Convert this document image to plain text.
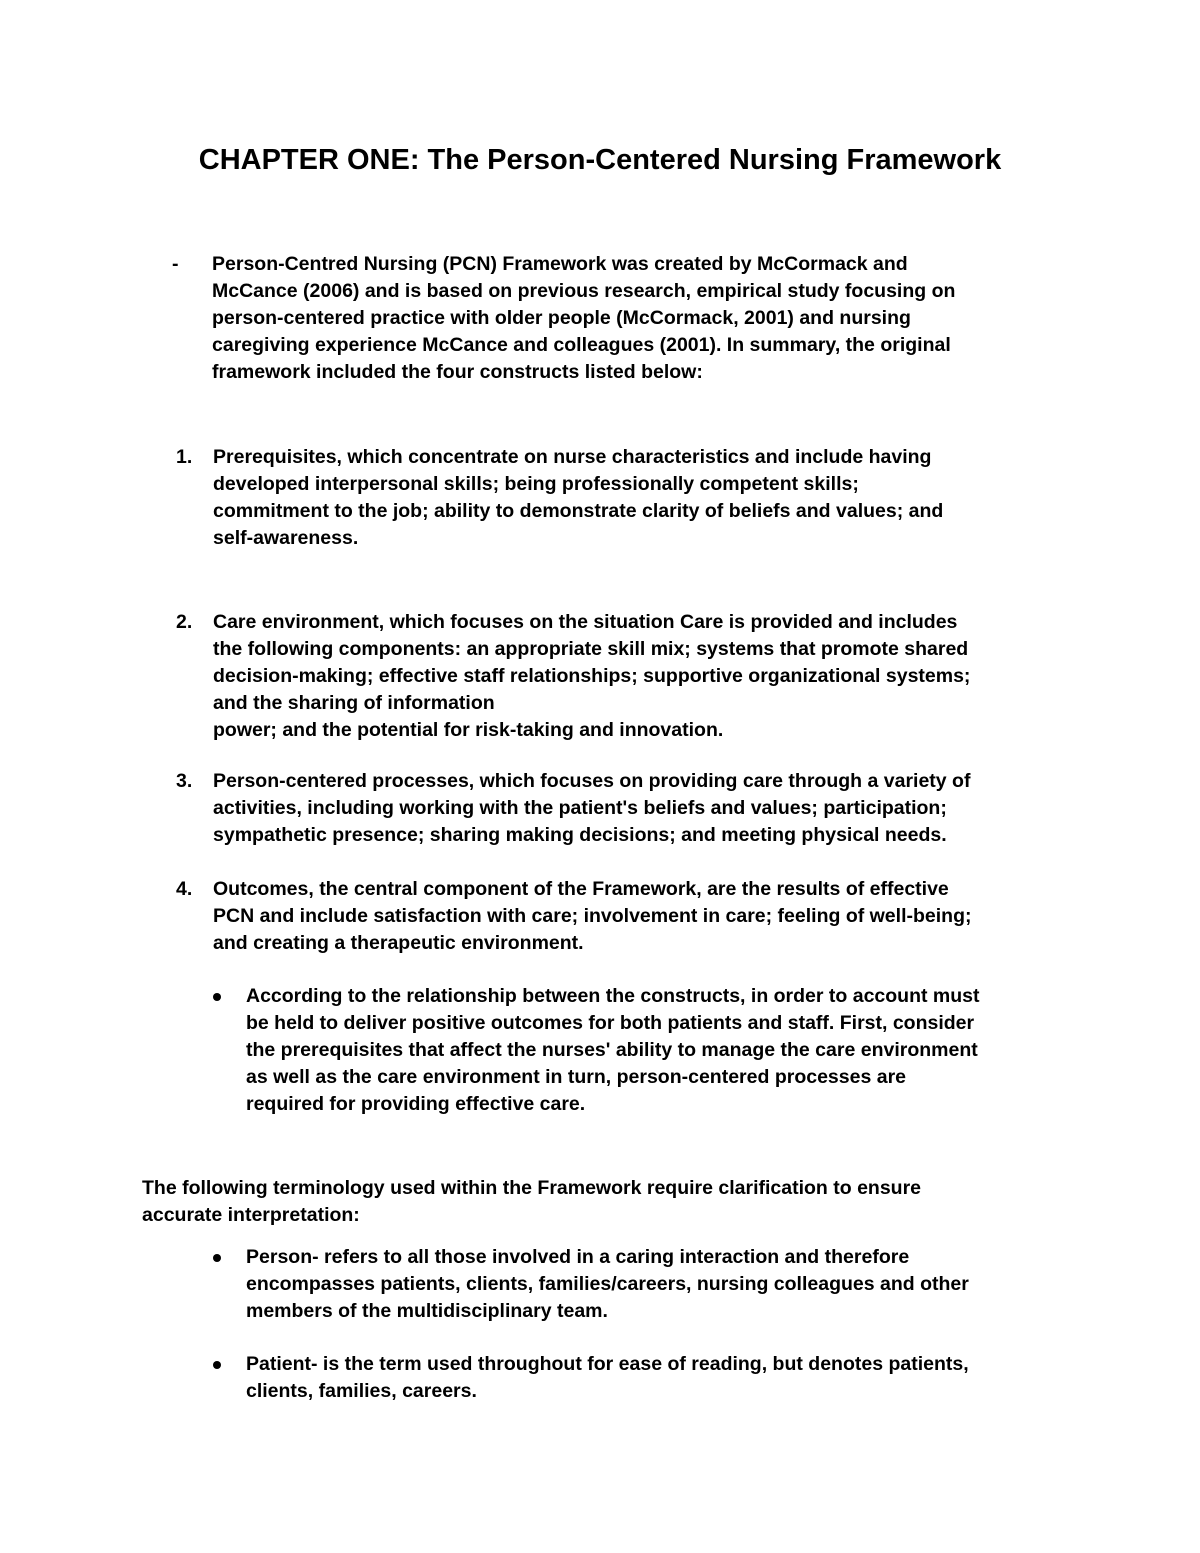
CHAPTER ONE: The Person-Centered Nursing Framework
- Person-Centred Nursing (PCN) Framework was created by McCormack and
McCance (2006) and is based on previous research, empirical study focusing on
person-centered practice with older people (McCormack, 2001) and nursing
caregiving experience McCance and colleagues (2001). In summary, the original
framework included the four constructs listed below:
1. Prerequisites, which concentrate on nurse characteristics and include having
developed interpersonal skills; being professionally competent skills;
commitment to the job; ability to demonstrate clarity of beliefs and values; and
self-awareness.
2. Care environment, which focuses on the situation Care is provided and includes
the following components: an appropriate skill mix; systems that promote shared
decision-making; effective staff relationships; supportive organizational systems;
and the sharing of information
power; and the potential for risk-taking and innovation.
3. Person-centered processes, which focuses on providing care through a variety of
activities, including working with the patient's beliefs and values; participation;
sympathetic presence; sharing making decisions; and meeting physical needs.
4. Outcomes, the central component of the Framework, are the results of effective
PCN and include satisfaction with care; involvement in care; feeling of well-being;
and creating a therapeutic environment.
According to the relationship between the constructs, in order to account must
be held to deliver positive outcomes for both patients and staff. First, consider
the prerequisites that affect the nurses' ability to manage the care environment
as well as the care environment in turn, person-centered processes are
required for providing effective care.
The following terminology used within the Framework require clarification to ensure
accurate interpretation:
Person- refers to all those involved in a caring interaction and therefore
encompasses patients, clients, families/careers, nursing colleagues and other
members of the multidisciplinary team.
Patient- is the term used throughout for ease of reading, but denotes patients,
clients, families, careers.
